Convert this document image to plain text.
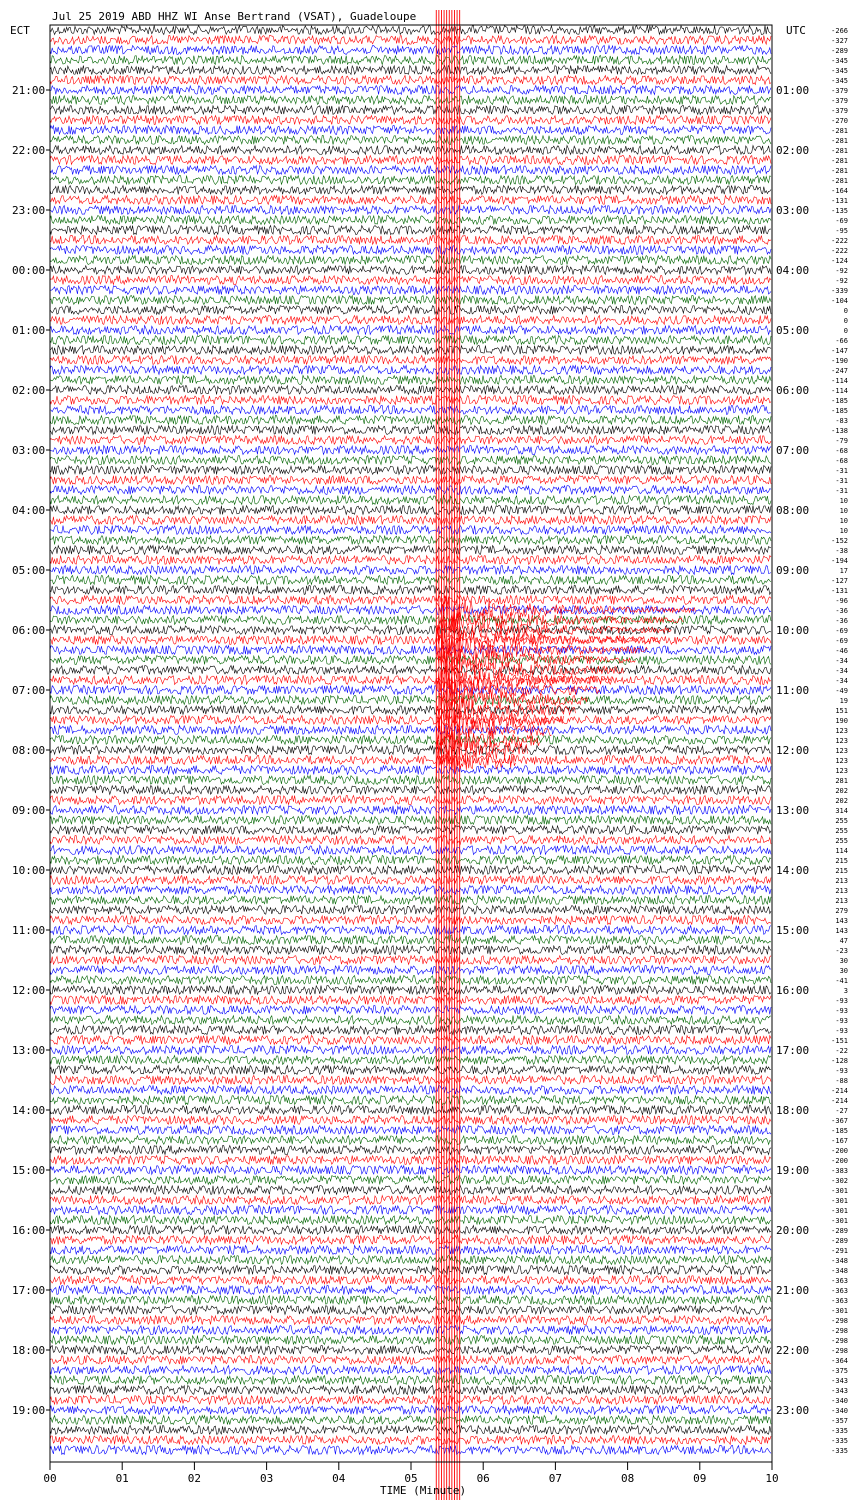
Jul 25 2019 ABD HHZ WI Anse Bertrand (VSAT), Guadeloupe
ECT	UTC
21:00
22:00
23:00
00:00
01:00
02:00
03:00
04:00
05:00
06:00
07:00
08:00
09:00
10:00
11:00
12:00
13:00
14:00
15:00
16:00
17:00
18:00
19:00
01:00
02:00
03:00
04:00
05:00
06:00
07:00
08:00
09:00
10:00
11:00
12:00
13:00
14:00
15:00
16:00
17:00
18:00
19:00
20:00
21:00
22:00
23:00
-266
-327
-289
-345
-345
-345
-379
-379
-379
-270
-281
-281
-281
-281
-281
-281
-164
-131
-135
-69
-95
-222
-222
-124
-92
-92
-339
-104
0
0
0
-66
-147
-190
-247
-114
-114
-185
-185
-83
-138
-79
-68
-68
-31
-31
-31
10
10
10
10
-152
-38
-194
17
-127
-131
-96
-36
-36
-69
-69
-46
-34
-34
-34
-49
19
151
190
123
123
123
123
123
281
202
202
314
255
255
255
114
215
215
213
213
213
279
143
143
47
-23
30
30
-41
3
-93
-93
-93
-93
-151
-22
-128
-93
-88
-214
-214
-27
-367
-185
-167
-200
-200
-383
-302
-301
-301
-301
-301
-289
-289
-291
-348
-348
-363
-363
-363
-301
-298
-298
-298
-298
-364
-375
-343
-343
-340
-340
-357
-335
-335
-335
00	01	02	03	04	05	06	07	08	09	10
TIME (Minute)
